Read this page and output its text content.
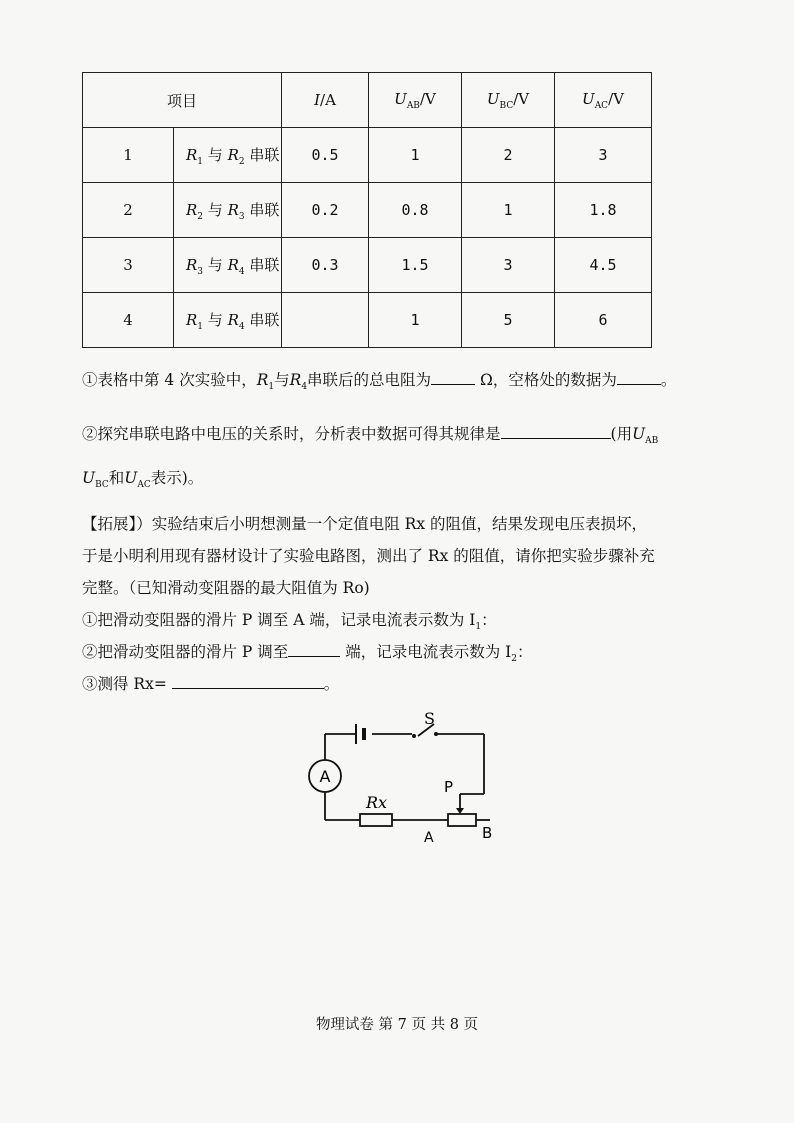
项目		I/A	$U_{AB}/V$	$U_{BC}/V$	$U_{AC}/V$
1	$R_1$ 与 $R_2$ 串联	0.5	1	2	3
2	$R_2$ 与 $R_3$ 串联	0.2	0.8	1	1.8
3	$R_3$ 与 $R_4$ 串联	0.3	1.5	3	4.5
4	$R_1$ 与 $R_4$ 串联		1	5	6
①表格中第 4 次实验中，$R_1$与$R_4$串联后的总电阻为	Ω，空格处的数据为	。
②探究串联电路中电压的关系时，分析表中数据可得其规律是	(用$U_{AB}$
$U_{BC}$和$U_{AC}$表示)。
【拓展】）实验结束后小明想测量一个定值电阻 Rx 的阻值，结果发现电压表损坏，
于是小明利用现有器材设计了实验电路图，测出了 Rx 的阻值，请你把实验步骤补充
完整。（已知滑动变阻器的最大阻值为 Ro)
①把滑动变阻器的滑片 P 调至 A 端，记录电流表示数为 $I_1$：
②把滑动变阻器的滑片 P 调至	端，记录电流表示数为 $I_2$：
③测得 Rx=	。
A
S
Rx
P
A	B
物理试卷 第 7 页 共 8 页
